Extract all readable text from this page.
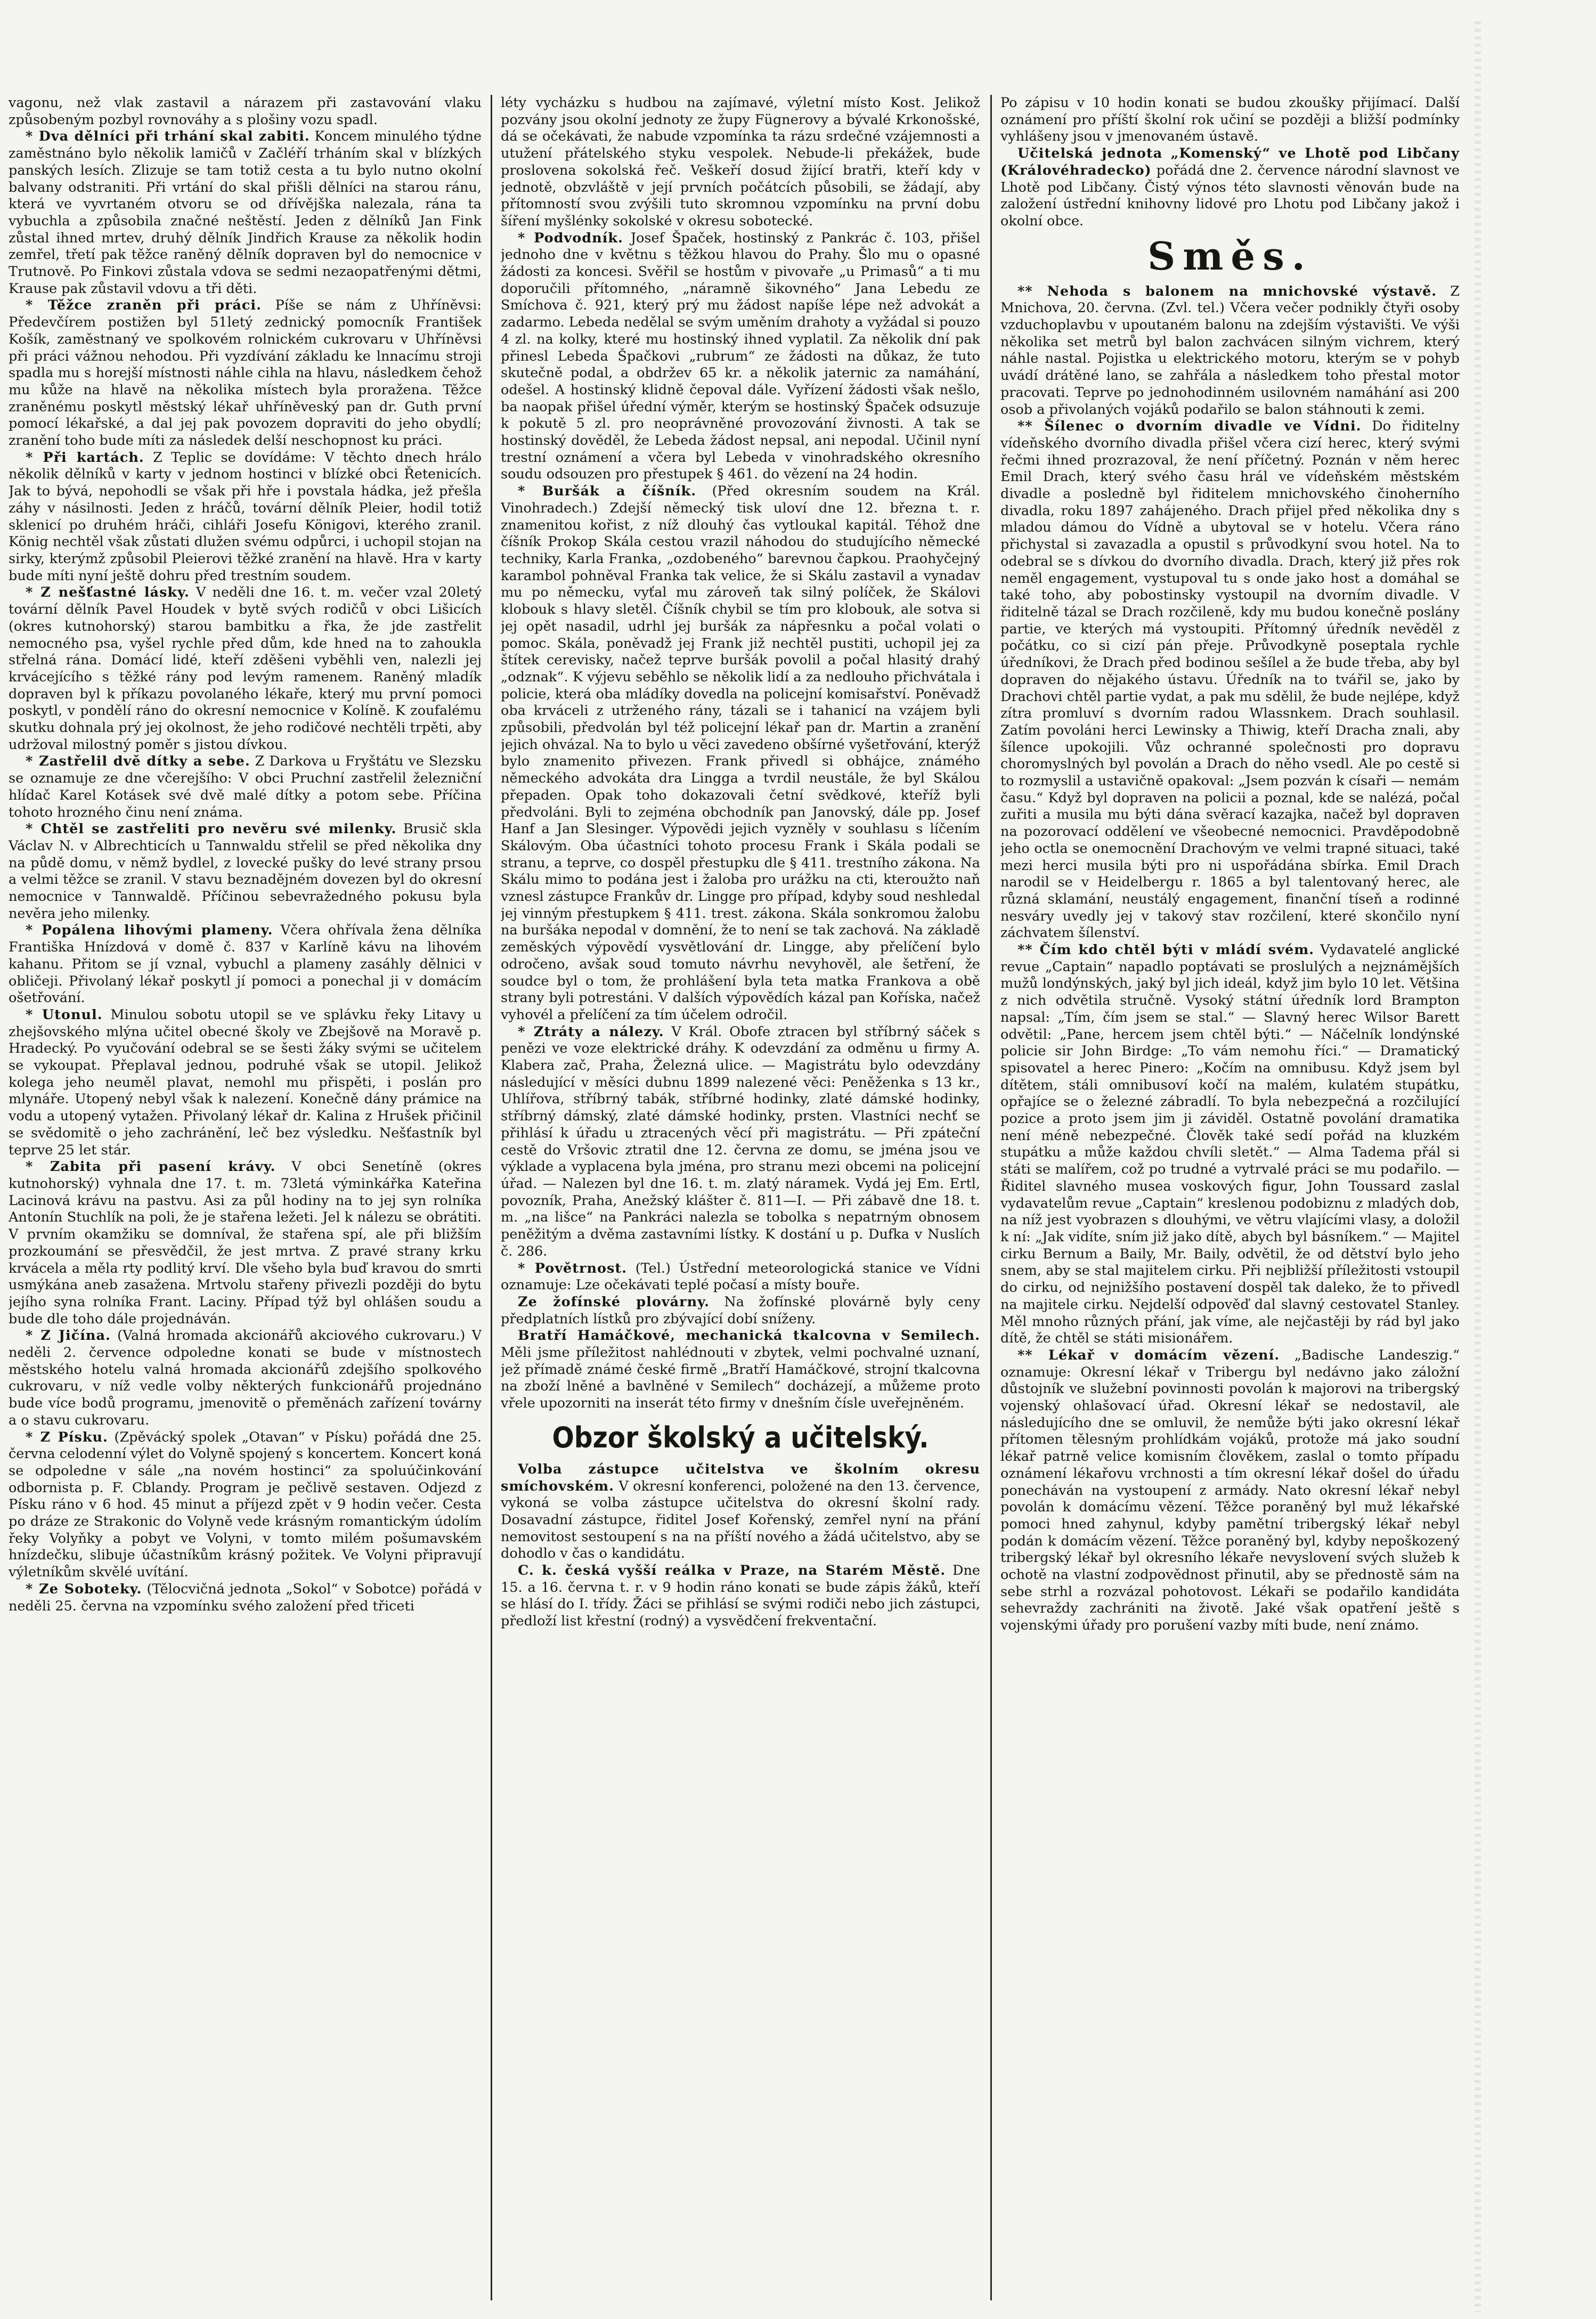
vagonu, než vlak zastavil a nárazem při zastavování vlaku způsobeným pozbyl rovnováhy a s plošiny vozu spadl.

* Dva dělníci při trhání skal zabiti. Koncem minulého týdne zaměstnáno bylo několik lamičů v Začléří trháním skal v blízkých panských lesích. Zlizuje se tam totiž cesta a tu bylo nutno okolní balvany odstraniti. Při vrtání do skal přišli dělníci na starou ránu, která ve vyvrtaném otvoru se od dřívějška nalezala, rána ta vybuchla a způsobila značné neštěstí. Jeden z dělníků Jan Fink zůstal ihned mrtev, druhý dělník Jindřich Krause za několik hodin zemřel, třetí pak těžce raněný dělník dopraven byl do nemocnice v Trutnově. Po Finkovi zůstala vdova se sedmi nezaopatřenými dětmi, Krause pak zůstavil vdovu a tři děti.

* Těžce zraněn při práci. Píše se nám z Uhříněvsi: Předevčírem postižen byl 51letý zednický pomocník František Košík, zaměstnaný ve spolkovém rolnickém cukrovaru v Uhříněvsi při práci vážnou nehodou. Při vyzdívání základu ke lnnacímu stroji spadla mu s horejší místnosti náhle cihla na hlavu, následkem čehož mu kůže na hlavě na několika místech byla proražena. Těžce zraněnému poskytl městský lékař uhříněveský pan dr. Guth první pomocí lékařské, a dal jej pak povozem dopraviti do jeho obydlí; zranění toho bude míti za následek delší neschopnost ku práci.

* Při kartách. Z Teplic se dovídáme: V těchto dnech hrálo několik dělníků v karty v jednom hostinci v blízké obci Řetenicích. Jak to bývá, nepohodli se však při hře i povstala hádka, jež přešla záhy v násilnosti. Jeden z hráčů, tovární dělník Pleier, hodil totiž sklenicí po druhém hráči, cihláři Josefu Königovi, kterého zranil. König nechtěl však zůstati dlužen svému odpůrci, i uchopil stojan na sirky, kterýmž způsobil Pleierovi těžké zranění na hlavě. Hra v karty bude míti nyní ještě dohru před trestním soudem.

* Z nešťastné lásky. V neděli dne 16. t. m. večer vzal 20letý tovární dělník Pavel Houdek v bytě svých rodičů v obci Lišicích (okres kutnohorský) starou bambitku a řka, že jde zastřelit nemocného psa, vyšel rychle před dům, kde hned na to zahoukla střelná rána. Domácí lidé, kteří zděšeni vyběhli ven, nalezli jej krvácejícího s těžké rány pod levým ramenem. Raněný mladík dopraven byl k příkazu povolaného lékaře, který mu první pomoci poskytl, v pondělí ráno do okresní nemocnice v Kolíně. K zoufalému skutku dohnala prý jej okolnost, že jeho rodičové nechtěli trpěti, aby udržoval milostný poměr s jistou dívkou.

* Zastřelil dvě dítky a sebe. Z Darkova u Fryštátu ve Slezsku se oznamuje ze dne včerejšího: V obci Pruchní zastřelil železniční hlídač Karel Kotásek své dvě malé dítky a potom sebe. Příčina tohoto hrozného činu není známa.

* Chtěl se zastřeliti pro nevěru své milenky. Brusič skla Václav N. v Albrechticích u Tannwaldu střelil se před několika dny na půdě domu, v němž bydlel, z lovecké pušky do levé strany prsou a velmi těžce se zranil. V stavu beznadějném dovezen byl do okresní nemocnice v Tannwaldě. Příčinou sebevražedného pokusu byla nevěra jeho milenky.

* Popálena lihovými plameny. Včera ohřívala žena dělníka Františka Hnízdová v domě č. 837 v Karlíně kávu na lihovém kahanu. Přitom se jí vznal, vybuchl a plameny zasáhly dělnici v obličeji. Přivolaný lékař poskytl jí pomoci a ponechal ji v domácím ošetřování.

* Utonul. Minulou sobotu utopil se ve splávku řeky Litavy u zhejšovského mlýna učitel obecné školy ve Zbejšově na Moravě p. Hradecký. Po vyučování odebral se se šesti žáky svými se učitelem se vykoupat. Přeplaval jednou, podruhé však se utopil. Jelikož kolega jeho neuměl plavat, nemohl mu přispěti, i poslán pro mlynáře. Utopený nebyl však k nalezení. Konečně dány prámice na vodu a utopený vytažen. Přivolaný lékař dr. Kalina z Hrušek přičinil se svědomitě o jeho zachránění, leč bez výsledku. Nešťastník byl teprve 25 let stár.

* Zabita při pasení krávy. V obci Senetíně (okres kutnohorský) vyhnala dne 17. t. m. 73letá výminkářka Kateřina Lacinová krávu na pastvu. Asi za půl hodiny na to jej syn rolníka Antonín Stuchlík na poli, že je stařena ležeti. Jel k nálezu se obrátiti. V prvním okamžiku se domníval, že stařena spí, ale při bližším prozkoumání se přesvědčil, že jest mrtva. Z pravé strany krku krvácela a měla rty podlitý krví. Dle všeho byla buď kravou do smrti usmýkána aneb zasažena. Mrtvolu stařeny přivezli později do bytu jejího syna rolníka Frant. Laciny. Případ týž byl ohlášen soudu a bude dle toho dále projednáván.

* Z Jičína. (Valná hromada akcionářů akciového cukrovaru.) V neděli 2. července odpoledne konati se bude v místnostech městského hotelu valná hromada akcionářů zdejšího spolkového cukrovaru, v níž vedle volby některých funkcionářů projednáno bude více bodů programu, jmenovitě o přeměnách zařízení továrny a o stavu cukrovaru.

* Z Písku. (Zpěvácký spolek „Otavan“ v Písku) pořádá dne 25. června celodenní výlet do Volyně spojený s koncertem. Koncert koná se odpoledne v sále „na novém hostinci“ za spoluúčinkování odbornista p. F. Cblandy. Program je pečlivě sestaven. Odjezd z Písku ráno v 6 hod. 45 minut a příjezd zpět v 9 hodin večer. Cesta po dráze ze Strakonic do Volyně vede krásným romantickým údolím řeky Volyňky a pobyt ve Volyni, v tomto milém pošumavském hnízdečku, slibuje účastníkům krásný požitek. Ve Volyni připravují výletníkům skvělé uvítání.

* Ze Soboteky. (Tělocvičná jednota „Sokol“ v Sobotce) pořádá v neděli 25. června na vzpomínku svého založení před třiceti

léty vycházku s hudbou na zajímavé, výletní místo Kost. Jelikož pozvány jsou okolní jednoty ze župy Fügnerovy a bývalé Krkonošské, dá se očekávati, že nabude vzpomínka ta rázu srdečné vzájemnosti a utužení přátelského styku vespolek. Nebude-li překážek, bude proslovena sokolská řeč. Veškeří dosud žijící bratři, kteří kdy v jednotě, obzvláště v její prvních počátcích působili, se žádají, aby přítomností svou zvýšili tuto skromnou vzpomínku na první dobu šíření myšlénky sokolské v okresu sobotecké.

* Podvodník. Josef Špaček, hostinský z Pankrác č. 103, přišel jednoho dne v květnu s těžkou hlavou do Prahy. Šlo mu o opasné žádosti za koncesi. Svěřil se hostům v pivovaře „u Primasů“ a ti mu doporučili přítomného, „náramně šikovného“ Jana Lebedu ze Smíchova č. 921, který prý mu žádost napíše lépe než advokát a zadarmo. Lebeda nedělal se svým uměním drahoty a vyžádal si pouzo 4 zl. na kolky, které mu hostinský ihned vyplatil. Za několik dní pak přinesl Lebeda Špačkovi „rubrum“ ze žádosti na důkaz, že tuto skutečně podal, a obdržev 65 kr. a několik jaternic za namáhání, odešel. A hostinský klidně čepoval dále. Vyřízení žádosti však nešlo, ba naopak přišel úřední výměr, kterým se hostinský Špaček odsuzuje k pokutě 5 zl. pro neoprávněné provozování živnosti. A tak se hostinský dověděl, že Lebeda žádost nepsal, ani nepodal. Učinil nyní trestní oznámení a včera byl Lebeda v vinohradského okresního soudu odsouzen pro přestupek § 461. do vězení na 24 hodin.

* Buršák a číšník. (Před okresním soudem na Král. Vinohradech.) Zdejší německý tisk uloví dne 12. března t. r. znamenitou kořist, z níž dlouhý čas vytloukal kapitál. Téhož dne číšník Prokop Skála cestou vrazil náhodou do studujícího německé techniky, Karla Franka, „ozdobeného“ barevnou čapkou. Praohyčejný karambol pohněval Franka tak velice, že si Skálu zastavil a vynadav mu po německu, vyťal mu zároveň tak silný políček, že Skálovi klobouk s hlavy sletěl. Číšník chybil se tím pro klobouk, ale sotva si jej opět nasadil, udrhl jej buršák za nápřesnku a počal volati o pomoc. Skála, poněvadž jej Frank již nechtěl pustiti, uchopil jej za štítek cerevisky, načež teprve buršák povolil a počal hlasitý drahý „odznak“. K výjevu seběhlo se několik lidí a za nedlouho přichvátala i policie, která oba mládíky dovedla na policejní komisařství. Poněvadž oba krváceli z utrženého rány, tázali se i tahanicí na vzájem byli způsobili, předvolán byl též policejní lékař pan dr. Martin a zranění jejich ohvázal. Na to bylo u věci zavedeno obšírné vyšetřování, kterýž bylo znamenito přivezen. Frank přivedl si obhájce, známého německého advokáta dra Lingga a tvrdil neustále, že byl Skálou přepaden. Opak toho dokazovali četní svědkové, kteříž byli předvoláni. Byli to zejména obchodník pan Janovský, dále pp. Josef Hanf a Jan Slesinger. Výpovědi jejich vyzněly v souhlasu s líčením Skálovým. Oba účastníci tohoto procesu Frank i Skála podali se stranu, a teprve, co dospěl přestupku dle § 411. trestního zákona. Na Skálu mimo to podána jest i žaloba pro urážku na cti, kteroužto naň vznesl zástupce Frankův dr. Lingge pro případ, kdyby soud neshledal jej vinným přestupkem § 411. trest. zákona. Skála sonkromou žalobu na buršáka nepodal v domnění, že to není se tak zachová. Na základě zeměských výpovědí vysvětlování dr. Lingge, aby přelíčení bylo odročeno, avšak soud tomuto návrhu nevyhověl, ale šetření, že soudce byl o tom, že prohlášení byla teta matka Frankova a obě strany byli potrestáni. V dalších výpovědích kázal pan Koříska, načež vyhovél a přelíčení za tím účelem odročil.

* Ztráty a nálezy. V Král. Obofe ztracen byl stříbrný sáček s penězi ve voze elektrické dráhy. K odevzdání za odměnu u firmy A. Klabera zač, Praha, Železná ulice. — Magistrátu bylo odevzdány následující v měsíci dubnu 1899 nalezené věci: Peněženka s 13 kr., Uhlířova, stříbrný tabák, stříbrné hodinky, zlaté dámské hodinky, stříbrný dámský, zlaté dámské hodinky, prsten. Vlastníci nechť se přihlásí k úřadu u ztracených věcí při magistrátu. — Při zpáteční cestě do Vršovic ztratil dne 12. června ze domu, se jména jsou ve výklade a vyplacena byla jména, pro stranu mezi obcemi na policejní úřad. — Nalezen byl dne 16. t. m. zlatý náramek. Vydá jej Em. Ertl, povozník, Praha, Anežský klášter č. 811—I. — Při zábavě dne 18. t. m. „na lišce“ na Pankráci nalezla se tobolka s nepatrným obnosem peněžitým a dvěma zastavními lístky. K dostání u p. Dufka v Nuslích č. 286.

* Povětrnost. (Tel.) Ústřední meteorologická stanice ve Vídni oznamuje: Lze očekávati teplé počasí a místy bouře.

Ze žofínské plovárny. Na žofínské plovárně byly ceny předplatních lístků pro zbývající dobí sníženy.

Bratří Hamáčkové, mechanická tkalcovna v Semilech. Měli jsme příležitost nahlédnouti v zbytek, velmi pochvalné uznaní, jež přímadě známé české firmě „Bratří Hamáčkové, strojní tkalcovna na zboží lněné a bavlněné v Semilech“ docházejí, a můžeme proto vřele upozorniti na inserát této firmy v dnešním čísle uveřejněném.

Obzor školský a učitelský.

Volba zástupce učitelstva ve školním okresu smíchovském. V okresní konferenci, položené na den 13. července, vykoná se volba zástupce učitelstva do okresní školní rady. Dosavadní zástupce, řiditel Josef Kořenský, zemřel nyní na přání nemovitost sestoupení s na na příští nového a žádá učitelstvo, aby se dohodlo v čas o kandidátu.

C. k. česká vyšší reálka v Praze, na Starém Městě. Dne 15. a 16. června t. r. v 9 hodin ráno konati se bude zápis žáků, kteří se hlásí do I. třídy. Žáci se přihlásí se svými rodiči nebo jich zástupci, předloží list křestní (rodný) a vysvědčení frekventační.

Po zápisu v 10 hodin konati se budou zkoušky přijímací. Další oznámení pro příští školní rok učiní se později a bližší podmínky vyhlášeny jsou v jmenovaném ústavě.

Učitelská jednota „Komenský“ ve Lhotě pod Libčany (Královéhradecko) pořádá dne 2. července národní slavnost ve Lhotě pod Libčany. Čistý výnos této slavnosti věnován bude na založení ústřední knihovny lidové pro Lhotu pod Libčany jakož i okolní obce.

Směs.

** Nehoda s balonem na mnichovské výstavě. Z Mnichova, 20. června. (Zvl. tel.) Včera večer podnikly čtyři osoby vzduchoplavbu v upoutaném balonu na zdejším výstavišti. Ve výši několika set metrů byl balon zachvácen silným vichrem, který náhle nastal. Pojistka u elektrického motoru, kterým se v pohyb uvádí drátěné lano, se zahřála a následkem toho přestal motor pracovati. Teprve po jednohodinném usilovném namáhání asi 200 osob a přivolaných vojáků podařilo se balon stáhnouti k zemi.

** Šílenec o dvorním divadle ve Vídni. Do řiditelny vídeňského dvorního divadla přišel včera cizí herec, který svými řečmi ihned prozrazoval, že není příčetný. Poznán v něm herec Emil Drach, který svého času hrál ve vídeňském městském divadle a posledně byl řiditelem mnichovského činoherního divadla, roku 1897 zahájeného. Drach přijel před několika dny s mladou dámou do Vídně a ubytoval se v hotelu. Včera ráno přichystal si zavazadla a opustil s průvodkyní svou hotel. Na to odebral se s dívkou do dvorního divadla. Drach, který již přes rok neměl engagement, vystupoval tu s onde jako host a domáhal se také toho, aby pobostinsky vystoupil na dvorním divadle. V řiditelně tázal se Drach rozčileně, kdy mu budou konečně poslány partie, ve kterých má vystoupiti. Přítomný úředník nevěděl z počátku, co si cizí pán přeje. Průvodkyně poseptala rychle úředníkovi, že Drach před bodinou sešílel a že bude třeba, aby byl dopraven do nějakého ústavu. Úředník na to tvářil se, jako by Drachovi chtěl partie vydat, a pak mu sdělil, že bude nejlépe, když zítra promluví s dvorním radou Wlassnkem. Drach souhlasil. Zatím povoláni herci Lewinsky a Thiwig, kteří Dracha znali, aby šílence upokojili. Vůz ochranné společnosti pro dopravu choromyslných byl povolán a Drach do něho vsedl. Ale po cestě si to rozmyslil a ustavičně opakoval: „Jsem pozván k císaři — nemám času.“ Když byl dopraven na policii a poznal, kde se nalézá, počal zuřiti a musila mu býti dána svěrací kazajka, načež byl dopraven na pozorovací oddělení ve všeobecné nemocnici. Pravděpodobně jeho octla se onemocnění Drachovým ve velmi trapné situaci, také mezi herci musila býti pro ni uspořádána sbírka. Emil Drach narodil se v Heidelbergu r. 1865 a byl talentovaný herec, ale různá sklamání, neustálý engagement, finanční tíseň a rodinné nesváry uvedly jej v takový stav rozčilení, které skončilo nyní záchvatem šílenství.

** Čím kdo chtěl býti v mládí svém. Vydavatelé anglické revue „Captain“ napadlo poptávati se proslulých a nejznámějších mužů londýnských, jaký byl jich ideál, když jim bylo 10 let. Většina z nich odvětila stručně. Vysoký státní úředník lord Brampton napsal: „Tím, čím jsem se stal.“ — Slavný herec Wilsor Barett odvětil: „Pane, hercem jsem chtěl býti.“ — Náčelník londýnské policie sir John Birdge: „To vám nemohu říci.“ — Dramatický spisovatel a herec Pinero: „Kočím na omnibusu. Když jsem byl dítětem, stáli omnibusoví kočí na malém, kulatém stupátku, opřajíce se o železné zábradlí. To byla nebezpečná a rozčilující pozice a proto jsem jim ji záviděl. Ostatně povolání dramatika není méně nebezpečné. Člověk také sedí pořád na kluzkém stupátku a může každou chvíli sletět.“ — Alma Tadema přál si státi se malířem, což po trudné a vytrvalé práci se mu podařilo. — Řiditel slavného musea voskových figur, John Toussard zaslal vydavatelům revue „Captain“ kreslenou podobiznu z mladých dob, na níž jest vyobrazen s dlouhými, ve větru vlajícími vlasy, a doložil k ní: „Jak vidíte, sním již jako dítě, abych byl básníkem.“ — Majitel cirku Bernum a Baily, Mr. Baily, odvětil, že od dětství bylo jeho snem, aby se stal majitelem cirku. Při nejbližší příležitosti vstoupil do cirku, od nejnižšího postavení dospěl tak daleko, že to přivedl na majitele cirku. Nejdelší odpověď dal slavný cestovatel Stanley. Měl mnoho různých přání, jak víme, ale nejčastěji by rád byl jako dítě, že chtěl se státi misionářem.

** Lékař v domácím vězení. „Badische Landeszig.“ oznamuje: Okresní lékař v Tribergu byl nedávno jako záložní důstojník ve služební povinnosti povolán k majorovi na tribergský vojenský ohlašovací úřad. Okresní lékař se nedostavil, ale následujícího dne se omluvil, že nemůže býti jako okresní lékař přítomen tělesným prohlídkám vojáků, protože má jako soudní lékař patrně velice komisním člověkem, zaslal o tomto případu oznámení lékařovu vrchnosti a tím okresní lékař došel do úřadu ponecháván na vystoupení z armády. Nato okresní lékař nebyl povolán k domácímu vězení. Těžce poraněný byl muž lékařské pomoci hned zahynul, kdyby pamětní tribergský lékař nebyl podán k domácím vězení. Těžce poraněný byl, kdyby nepoškozený tribergský lékař byl okresního lékaře nevyslovení svých služeb k ochotě na vlastní zodpovědnost přinutil, aby se přednostě sám na sebe strhl a rozvázal pohotovost. Lékaři se podařilo kandidáta sehevraždy zachrániti na životě. Jaké však opatření ještě s vojenskými úřady pro porušení vazby míti bude, není známo.
